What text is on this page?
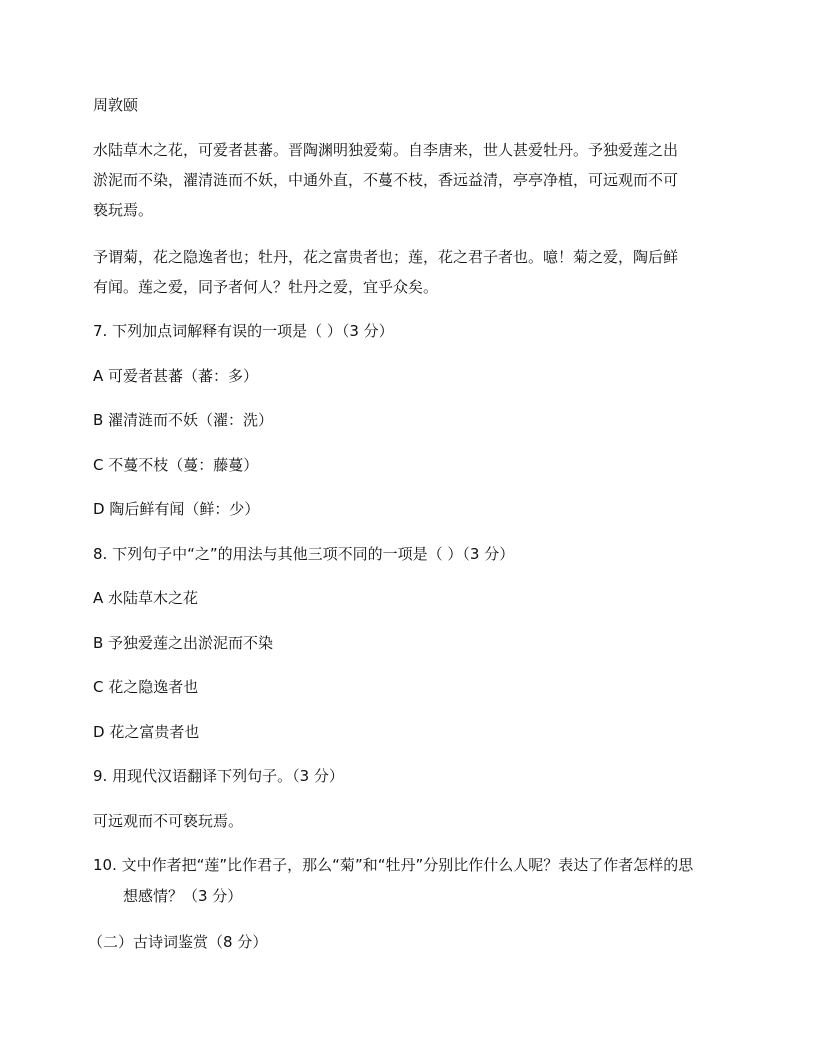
周敦颐
水陆草木之花，可爱者甚蕃。晋陶渊明独爱菊。自李唐来，世人甚爱牡丹。予独爱莲之出
淤泥而不染，濯清涟而不妖，中通外直，不蔓不枝，香远益清，亭亭净植，可远观而不可
亵玩焉。
予谓菊，花之隐逸者也；牡丹，花之富贵者也；莲，花之君子者也。噫！菊之爱，陶后鲜
有闻。莲之爱，同予者何人？牡丹之爱，宜乎众矣。
7. 下列加点词解释有误的一项是（ ）（3 分）
A 可爱者甚蕃（蕃：多）
B 濯清涟而不妖（濯：洗）
C 不蔓不枝（蔓：藤蔓）
D 陶后鲜有闻（鲜：少）
8. 下列句子中“之”的用法与其他三项不同的一项是（ ）（3 分）
A 水陆草木之花
B 予独爱莲之出淤泥而不染
C 花之隐逸者也
D 花之富贵者也
9. 用现代汉语翻译下列句子。（3 分）
可远观而不可亵玩焉。
10. 文中作者把“莲”比作君子，那么“菊”和“牡丹”分别比作什么人呢？表达了作者怎样的思
想感情？（3 分）
（二）古诗词鉴赏（8 分）
